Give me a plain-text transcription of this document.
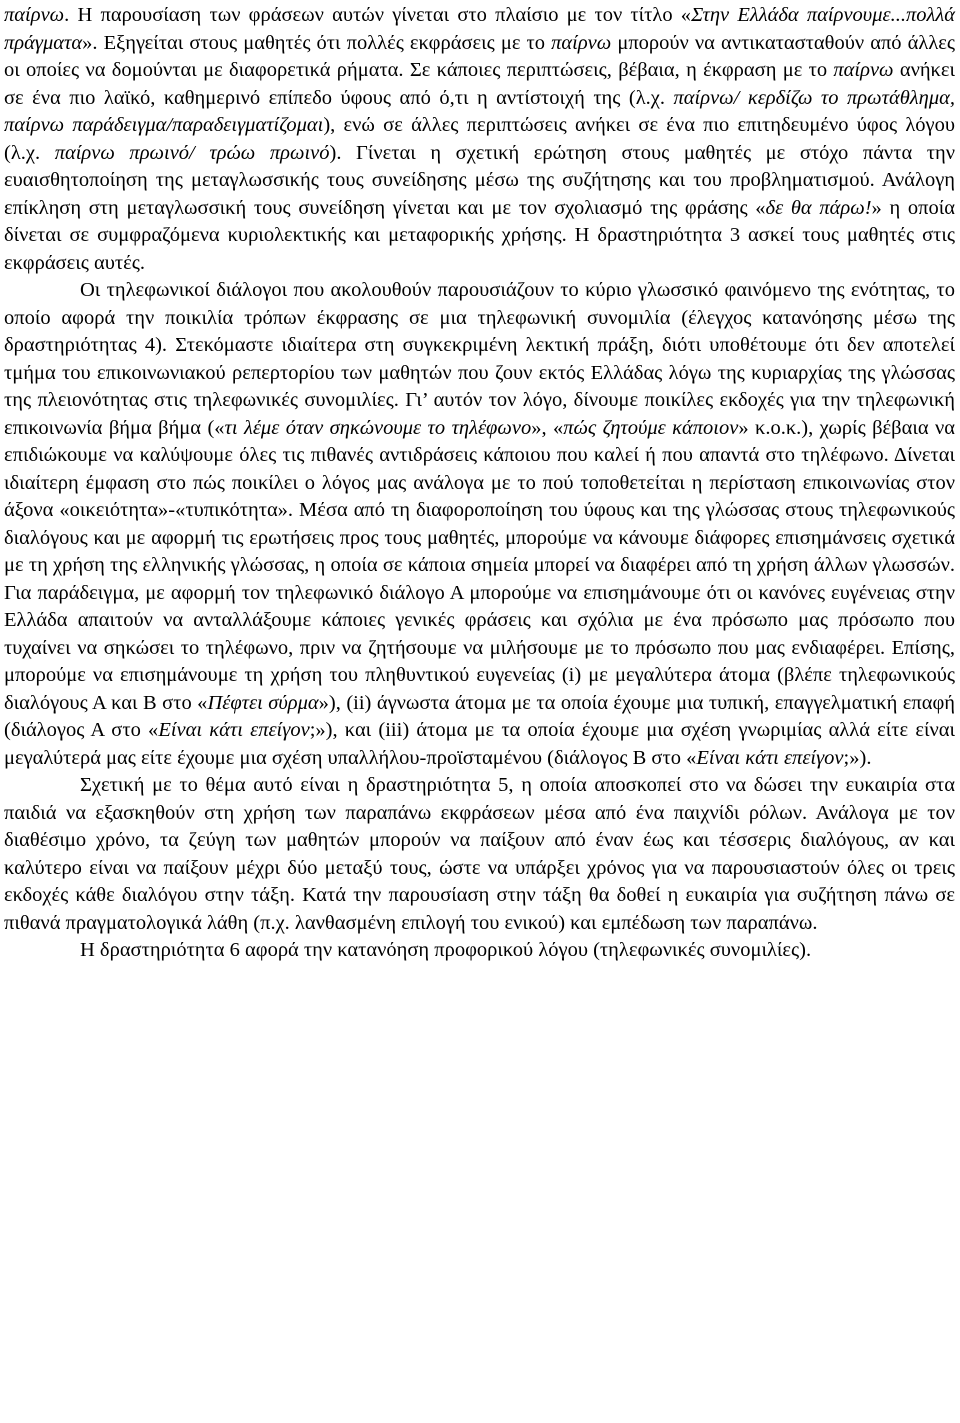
παίρνω. Η παρουσίαση των φράσεων αυτών γίνεται στο πλαίσιο με τον τίτλο «Στην Ελλάδα παίρνουμε...πολλά πράγματα». Εξηγείται στους μαθητές ότι πολλές εκφράσεις με το παίρνω μπορούν να αντικατασταθούν από άλλες οι οποίες να δομούνται με διαφορετικά ρήματα. Σε κάποιες περιπτώσεις, βέβαια, η έκφραση με το παίρνω ανήκει σε ένα πιο λαϊκό, καθημερινό επίπεδο ύφους από ό,τι η αντίστοιχή της (λ.χ. παίρνω/ κερδίζω το πρωτάθλημα, παίρνω παράδειγμα/παραδειγματίζομαι), ενώ σε άλλες περιπτώσεις ανήκει σε ένα πιο επιτηδευμένο ύφος λόγου (λ.χ. παίρνω πρωινό/ τρώω πρωινό). Γίνεται η σχετική ερώτηση στους μαθητές με στόχο πάντα την ευαισθητοποίηση της μεταγλωσσικής τους συνείδησης μέσω της συζήτησης και του προβληματισμού. Ανάλογη επίκληση στη μεταγλωσσική τους συνείδηση γίνεται και με τον σχολιασμό της φράσης «δε θα πάρω!» η οποία δίνεται σε συμφραζόμενα κυριολεκτικής και μεταφορικής χρήσης. Η δραστηριότητα 3 ασκεί τους μαθητές στις εκφράσεις αυτές.

Οι τηλεφωνικοί διάλογοι που ακολουθούν παρουσιάζουν το κύριο γλωσσικό φαινόμενο της ενότητας, το οποίο αφορά την ποικιλία τρόπων έκφρασης σε μια τηλεφωνική συνομιλία (έλεγχος κατανόησης μέσω της δραστηριότητας 4). Στεκόμαστε ιδιαίτερα στη συγκεκριμένη λεκτική πράξη, διότι υποθέτουμε ότι δεν αποτελεί τμήμα του επικοινωνιακού ρεπερτορίου των μαθητών που ζουν εκτός Ελλάδας λόγω της κυριαρχίας της γλώσσας της πλειονότητας στις τηλεφωνικές συνομιλίες. Γι’ αυτόν τον λόγο, δίνουμε ποικίλες εκδοχές για την τηλεφωνική επικοινωνία βήμα βήμα («τι λέμε όταν σηκώνουμε το τηλέφωνο», «πώς ζητούμε κάποιον» κ.ο.κ.), χωρίς βέβαια να επιδιώκουμε να καλύψουμε όλες τις πιθανές αντιδράσεις κάποιου που καλεί ή που απαντά στο τηλέφωνο. Δίνεται ιδιαίτερη έμφαση στο πώς ποικίλει ο λόγος μας ανάλογα με το πού τοποθετείται η περίσταση επικοινωνίας στον άξονα «οικειότητα»-«τυπικότητα». Μέσα από τη διαφοροποίηση του ύφους και της γλώσσας στους τηλεφωνικούς διαλόγους και με αφορμή τις ερωτήσεις προς τους μαθητές, μπορούμε να κάνουμε διάφορες επισημάνσεις σχετικά με τη χρήση της ελληνικής γλώσσας, η οποία σε κάποια σημεία μπορεί να διαφέρει από τη χρήση άλλων γλωσσών. Για παράδειγμα, με αφορμή τον τηλεφωνικό διάλογο Α μπορούμε να επισημάνουμε ότι οι κανόνες ευγένειας στην Ελλάδα απαιτούν να ανταλλάξουμε κάποιες γενικές φράσεις και σχόλια με ένα πρόσωπο μας πρόσωπο που τυχαίνει να σηκώσει το τηλέφωνο, πριν να ζητήσουμε να μιλήσουμε με το πρόσωπο που μας ενδιαφέρει. Επίσης, μπορούμε να επισημάνουμε τη χρήση του πληθυντικού ευγενείας (i) με μεγαλύτερα άτομα (βλέπε τηλεφωνικούς διαλόγους Α και Β στο «Πέφτει σύρμα»), (ii) άγνωστα άτομα με τα οποία έχουμε μια τυπική, επαγγελματική επαφή (διάλογος Α στο «Είναι κάτι επείγον;»), και (iii) άτομα με τα οποία έχουμε μια σχέση γνωριμίας αλλά είτε είναι μεγαλύτερά μας είτε έχουμε μια σχέση υπαλλήλου-προϊσταμένου (διάλογος Β στο «Είναι κάτι επείγον;»).

Σχετική με το θέμα αυτό είναι η δραστηριότητα 5, η οποία αποσκοπεί στο να δώσει την ευκαιρία στα παιδιά να εξασκηθούν στη χρήση των παραπάνω εκφράσεων μέσα από ένα παιχνίδι ρόλων. Ανάλογα με τον διαθέσιμο χρόνο, τα ζεύγη των μαθητών μπορούν να παίξουν από έναν έως και τέσσερις διαλόγους, αν και καλύτερο είναι να παίξουν μέχρι δύο μεταξύ τους, ώστε να υπάρξει χρόνος για να παρουσιαστούν όλες οι τρεις εκδοχές κάθε διαλόγου στην τάξη. Κατά την παρουσίαση στην τάξη θα δοθεί η ευκαιρία για συζήτηση πάνω σε πιθανά πραγματολογικά λάθη (π.χ. λανθασμένη επιλογή του ενικού) και εμπέδωση των παραπάνω.

Η δραστηριότητα 6 αφορά την κατανόηση προφορικού λόγου (τηλεφωνικές συνομιλίες).
